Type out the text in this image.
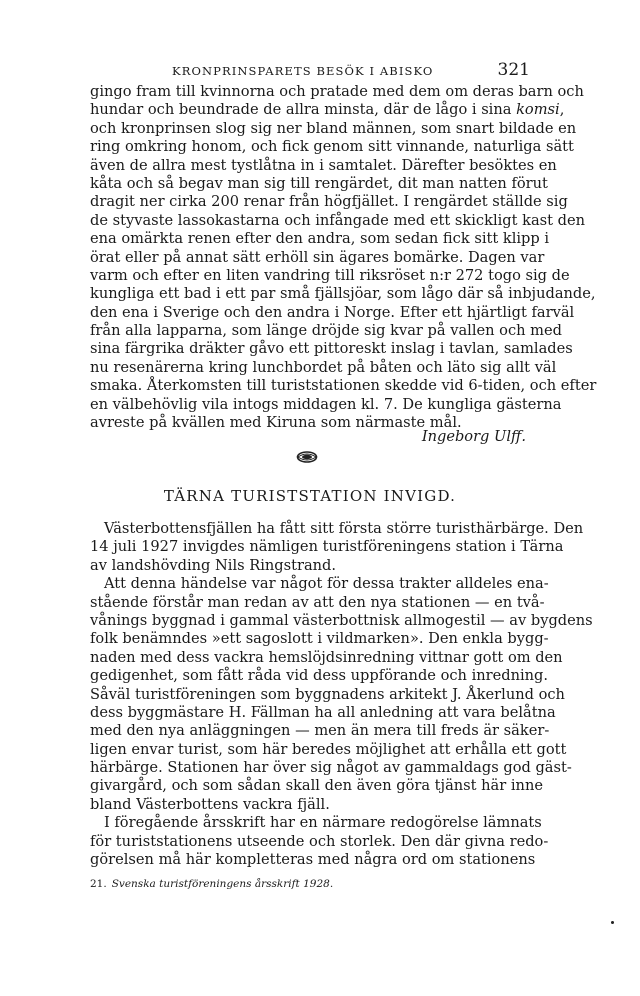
KRONPRINSPARETS BESÖK I ABISKO	321
gingo fram till kvinnorna och pratade med dem om deras barn och
hundar och beundrade de allra minsta, där de lågo i sina komsi,
och kronprinsen slog sig ner bland männen, som snart bildade en
ring omkring honom, och fick genom sitt vinnande, naturliga sätt
även de allra mest tystlåtna in i samtalet. Därefter besöktes en
kåta och så begav man sig till rengärdet, dit man natten förut
dragit ner cirka 200 renar från högfjället. I rengärdet ställde sig
de styvaste lassokastarna och infångade med ett skickligt kast den
ena omärkta renen efter den andra, som sedan fick sitt klipp i
örat eller på annat sätt erhöll sin ägares bomärke. Dagen var
varm och efter en liten vandring till riksröset n:r 272 togo sig de
kungliga ett bad i ett par små fjällsjöar, som lågo där så inbjudande,
den ena i Sverige och den andra i Norge. Efter ett hjärtligt farväl
från alla lapparna, som länge dröjde sig kvar på vallen och med
sina färgrika dräkter gåvo ett pittoreskt inslag i tavlan, samlades
nu resenärerna kring lunchbordet på båten och läto sig allt väl
smaka. Återkomsten till turiststationen skedde vid 6-tiden, och efter
en välbehövlig vila intogs middagen kl. 7. De kungliga gästerna
avreste på kvällen med Kiruna som närmaste mål.
Ingeborg Ulff.
TÄRNA TURISTSTATION INVIGD.
Västerbottensfjällen ha fått sitt första större turisthärbärge. Den
14 juli 1927 invigdes nämligen turistföreningens station i Tärna
av landshövding Nils Ringstrand.
Att denna händelse var något för dessa trakter alldeles ena-
stående förstår man redan av att den nya stationen — en två-
vånings byggnad i gammal västerbottnisk allmogestil — av bygdens
folk benämndes »ett sagoslott i vildmarken». Den enkla bygg-
naden med dess vackra hemslöjdsinredning vittnar gott om den
gedigenhet, som fått råda vid dess uppförande och inredning.
Såväl turistföreningen som byggnadens arkitekt J. Åkerlund och
dess byggmästare H. Fällman ha all anledning att vara belåtna
med den nya anläggningen — men än mera till freds är säker-
ligen envar turist, som här beredes möjlighet att erhålla ett gott
härbärge. Stationen har över sig något av gammaldags god gäst-
givargård, och som sådan skall den även göra tjänst här inne
bland Västerbottens vackra fjäll.
I föregående årsskrift har en närmare redogörelse lämnats
för turiststationens utseende och storlek. Den där givna redo-
görelsen må här kompletteras med några ord om stationens
21. Svenska turistföreningens årsskrift 1928.
